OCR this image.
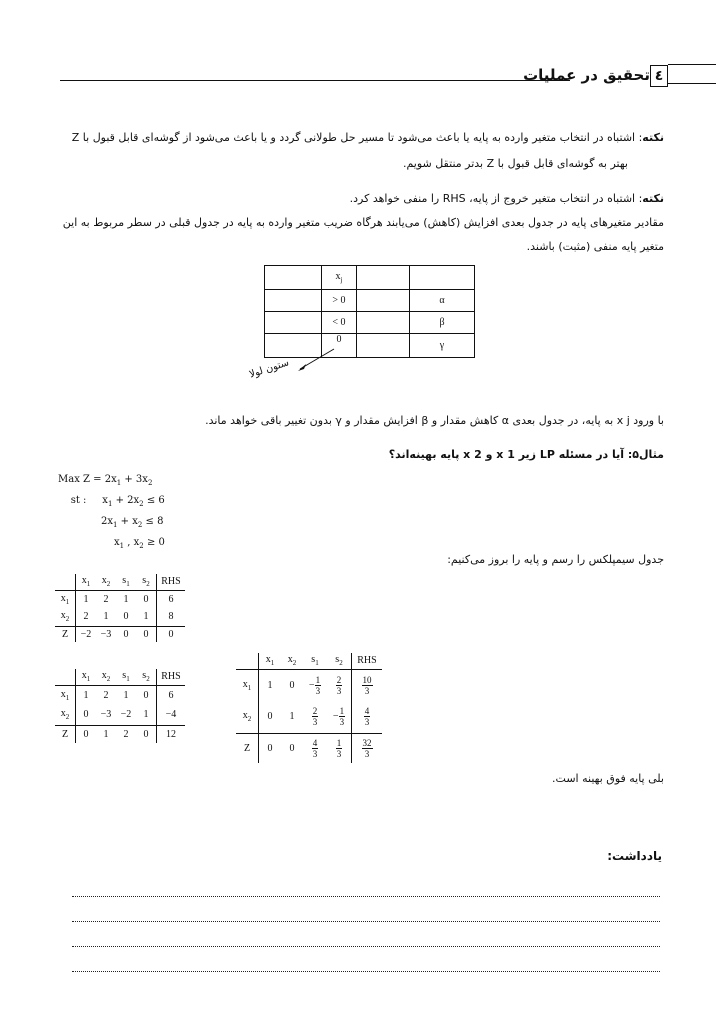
تحقیق در عملیات ٤
نکته: اشتباه در انتخاب متغیر وارده به پایه یا باعث می‌شود تا مسیر حل طولانی گردد و یا باعث می‌شود از گوشه‌ای قابل قبول با Z
بهتر به گوشه‌ای قابل قبول با Z بدتر منتقل شویم.
نکته: اشتباه در انتخاب متغیر خروج از پایه، RHS را منفی خواهد کرد.
مقادیر متغیرهای پایه در جدول بعدی افزایش (کاهش) می‌یابند هرگاه ضریب متغیر وارده به پایه در جدول قبلی در سطر مربوط به این
متغیر پایه منفی (مثبت) باشند.
	$x_j$		
	> 0		α
	< 0		β
	0		γ
ستون لولا
با ورود x j به پایه، در جدول بعدی α کاهش مقدار و β افزایش مقدار و γ بدون تغییر باقی خواهد ماند.
مثال۵: آیا در مسئله LP زیر x 1 و x 2 پایه بهینه‌اند؟
Max $Z = 2x_1 + 3x_2$
st :     $x_1 + 2x_2 \le 6$
$2x_1 + x_2 \le 8$
$x_1$ , $x_2 \ge 0$
جدول سیمپلکس را رسم و پایه را بروز می‌کنیم:
	$x_1$	$x_2$	$s_1$	$s_2$	RHS
$x_1$	1	2	1	0	6
$x_2$	2	1	0	1	8
Z	−2	−3	0	0	0
	$x_1$	$x_2$	$s_1$	$s_2$	RHS
$x_1$	1	2	1	0	6
$x_2$	0	−3	−2	1	−4
Z	0	1	2	0	12
	$x_1$	$x_2$	$s_1$	$s_2$	RHS
$x_1$	1	0	− $\frac{1}{3}$	$\frac{2}{3}$	$\frac{10}{3}$

$x_2$	0	1	$\frac{2}{3}$	− $\frac{1}{3}$	$\frac{4}{3}$

Z	0	0	$\frac{4}{3}$	$\frac{1}{3}$	$\frac{32}{3}$
بلی پایه فوق بهینه است.
یادداشت:
